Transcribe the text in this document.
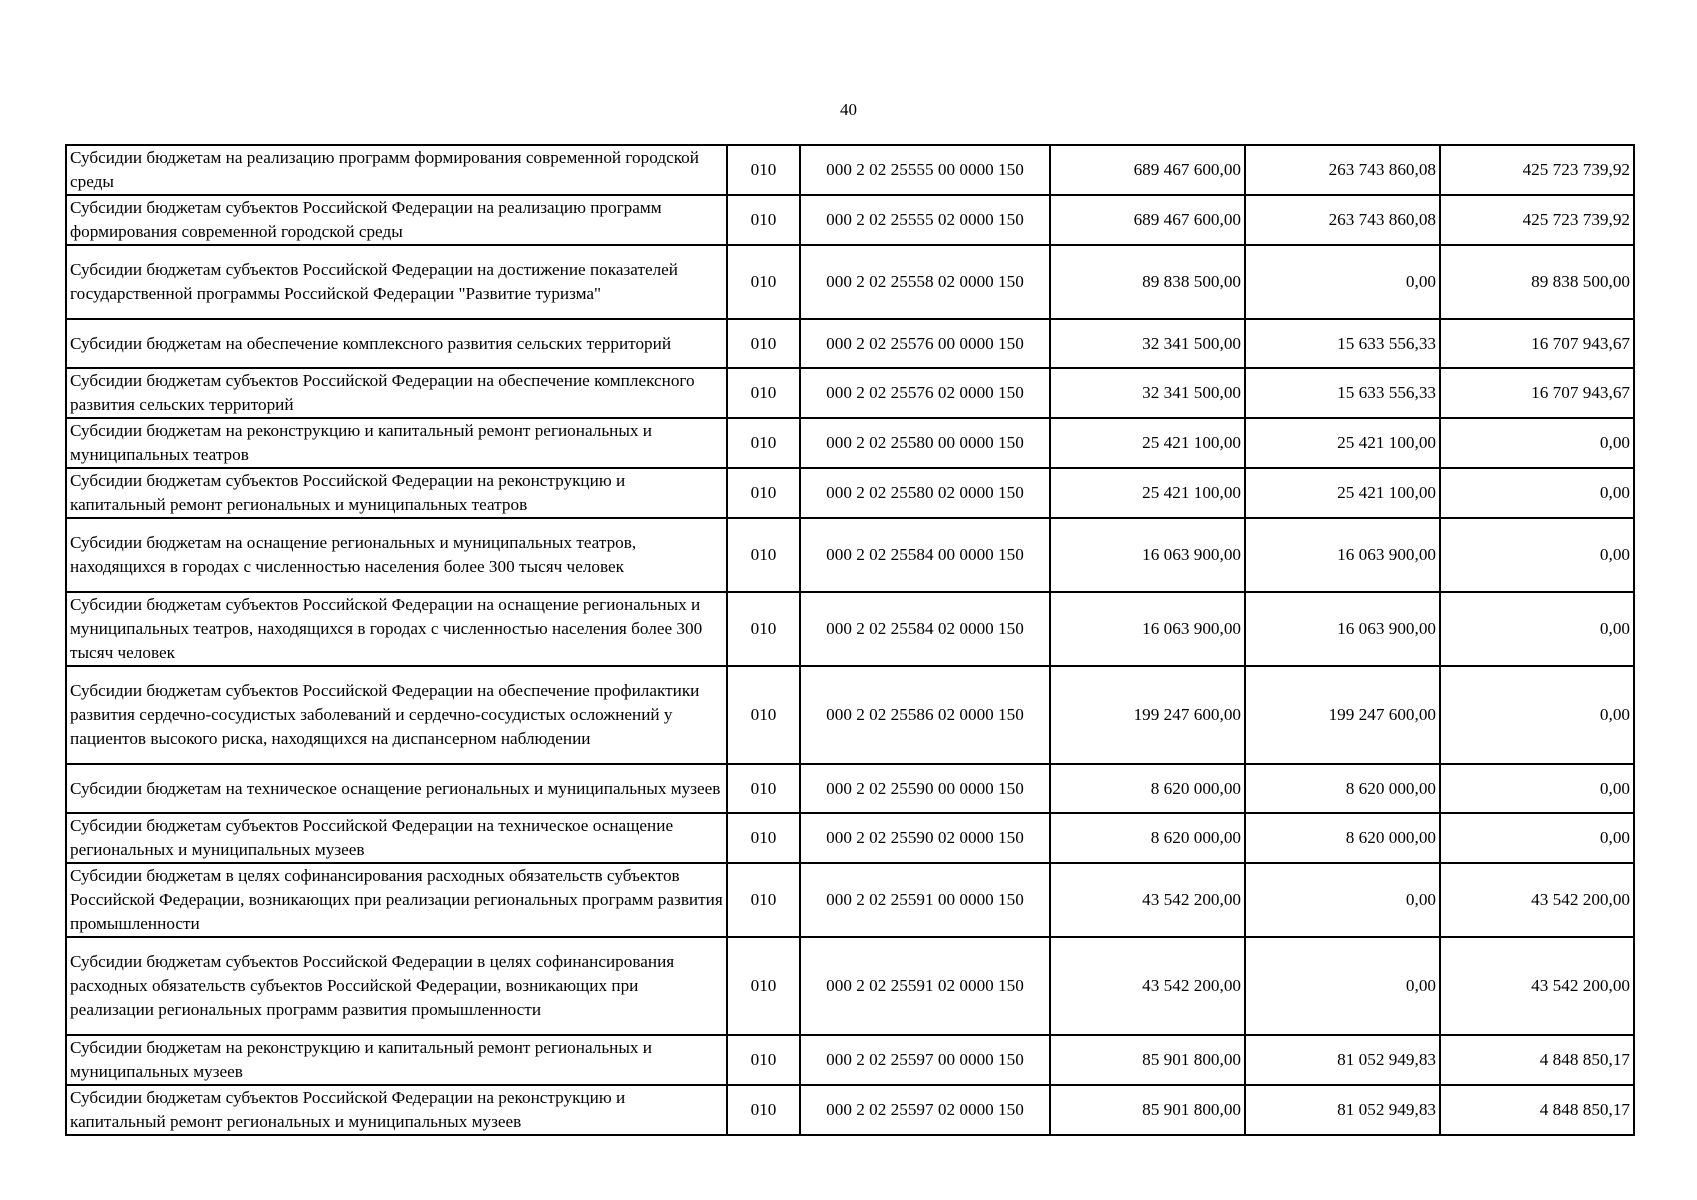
40
Субсидии бюджетам на реализацию программ формирования современной городской среды	010	000 2 02 25555 00 0000 150	689 467 600,00	263 743 860,08	425 723 739,92
Субсидии бюджетам субъектов Российской Федерации на реализацию программ формирования современной городской среды	010	000 2 02 25555 02 0000 150	689 467 600,00	263 743 860,08	425 723 739,92
Субсидии бюджетам субъектов Российской Федерации на достижение показателей государственной программы Российской Федерации "Развитие туризма"	010	000 2 02 25558 02 0000 150	89 838 500,00	0,00	89 838 500,00
Субсидии бюджетам на обеспечение комплексного развития сельских территорий	010	000 2 02 25576 00 0000 150	32 341 500,00	15 633 556,33	16 707 943,67
Субсидии бюджетам субъектов Российской Федерации на обеспечение комплексного развития сельских территорий	010	000 2 02 25576 02 0000 150	32 341 500,00	15 633 556,33	16 707 943,67
Субсидии бюджетам на реконструкцию и капитальный ремонт региональных и муниципальных театров	010	000 2 02 25580 00 0000 150	25 421 100,00	25 421 100,00	0,00
Субсидии бюджетам субъектов Российской Федерации на реконструкцию и капитальный ремонт региональных и муниципальных театров	010	000 2 02 25580 02 0000 150	25 421 100,00	25 421 100,00	0,00
Субсидии бюджетам на оснащение региональных и муниципальных театров, находящихся в городах с численностью населения более 300 тысяч человек	010	000 2 02 25584 00 0000 150	16 063 900,00	16 063 900,00	0,00
Субсидии бюджетам субъектов Российской Федерации на оснащение региональных и муниципальных театров, находящихся в городах с численностью населения более 300 тысяч человек	010	000 2 02 25584 02 0000 150	16 063 900,00	16 063 900,00	0,00
Субсидии бюджетам субъектов Российской Федерации на обеспечение профилактики развития сердечно-сосудистых заболеваний и сердечно-сосудистых осложнений у пациентов высокого риска, находящихся на диспансерном наблюдении	010	000 2 02 25586 02 0000 150	199 247 600,00	199 247 600,00	0,00
Субсидии бюджетам на техническое оснащение региональных и муниципальных музеев	010	000 2 02 25590 00 0000 150	8 620 000,00	8 620 000,00	0,00
Субсидии бюджетам субъектов Российской Федерации на техническое оснащение региональных и муниципальных музеев	010	000 2 02 25590 02 0000 150	8 620 000,00	8 620 000,00	0,00
Субсидии бюджетам в целях софинансирования расходных обязательств субъектов Российской Федерации, возникающих при реализации региональных программ развития промышленности	010	000 2 02 25591 00 0000 150	43 542 200,00	0,00	43 542 200,00
Субсидии бюджетам субъектов Российской Федерации в целях софинансирования расходных обязательств субъектов Российской Федерации, возникающих при реализации региональных программ развития промышленности	010	000 2 02 25591 02 0000 150	43 542 200,00	0,00	43 542 200,00
Субсидии бюджетам на реконструкцию и капитальный ремонт региональных и муниципальных музеев	010	000 2 02 25597 00 0000 150	85 901 800,00	81 052 949,83	4 848 850,17
Субсидии бюджетам субъектов Российской Федерации на реконструкцию и капитальный ремонт региональных и муниципальных музеев	010	000 2 02 25597 02 0000 150	85 901 800,00	81 052 949,83	4 848 850,17
